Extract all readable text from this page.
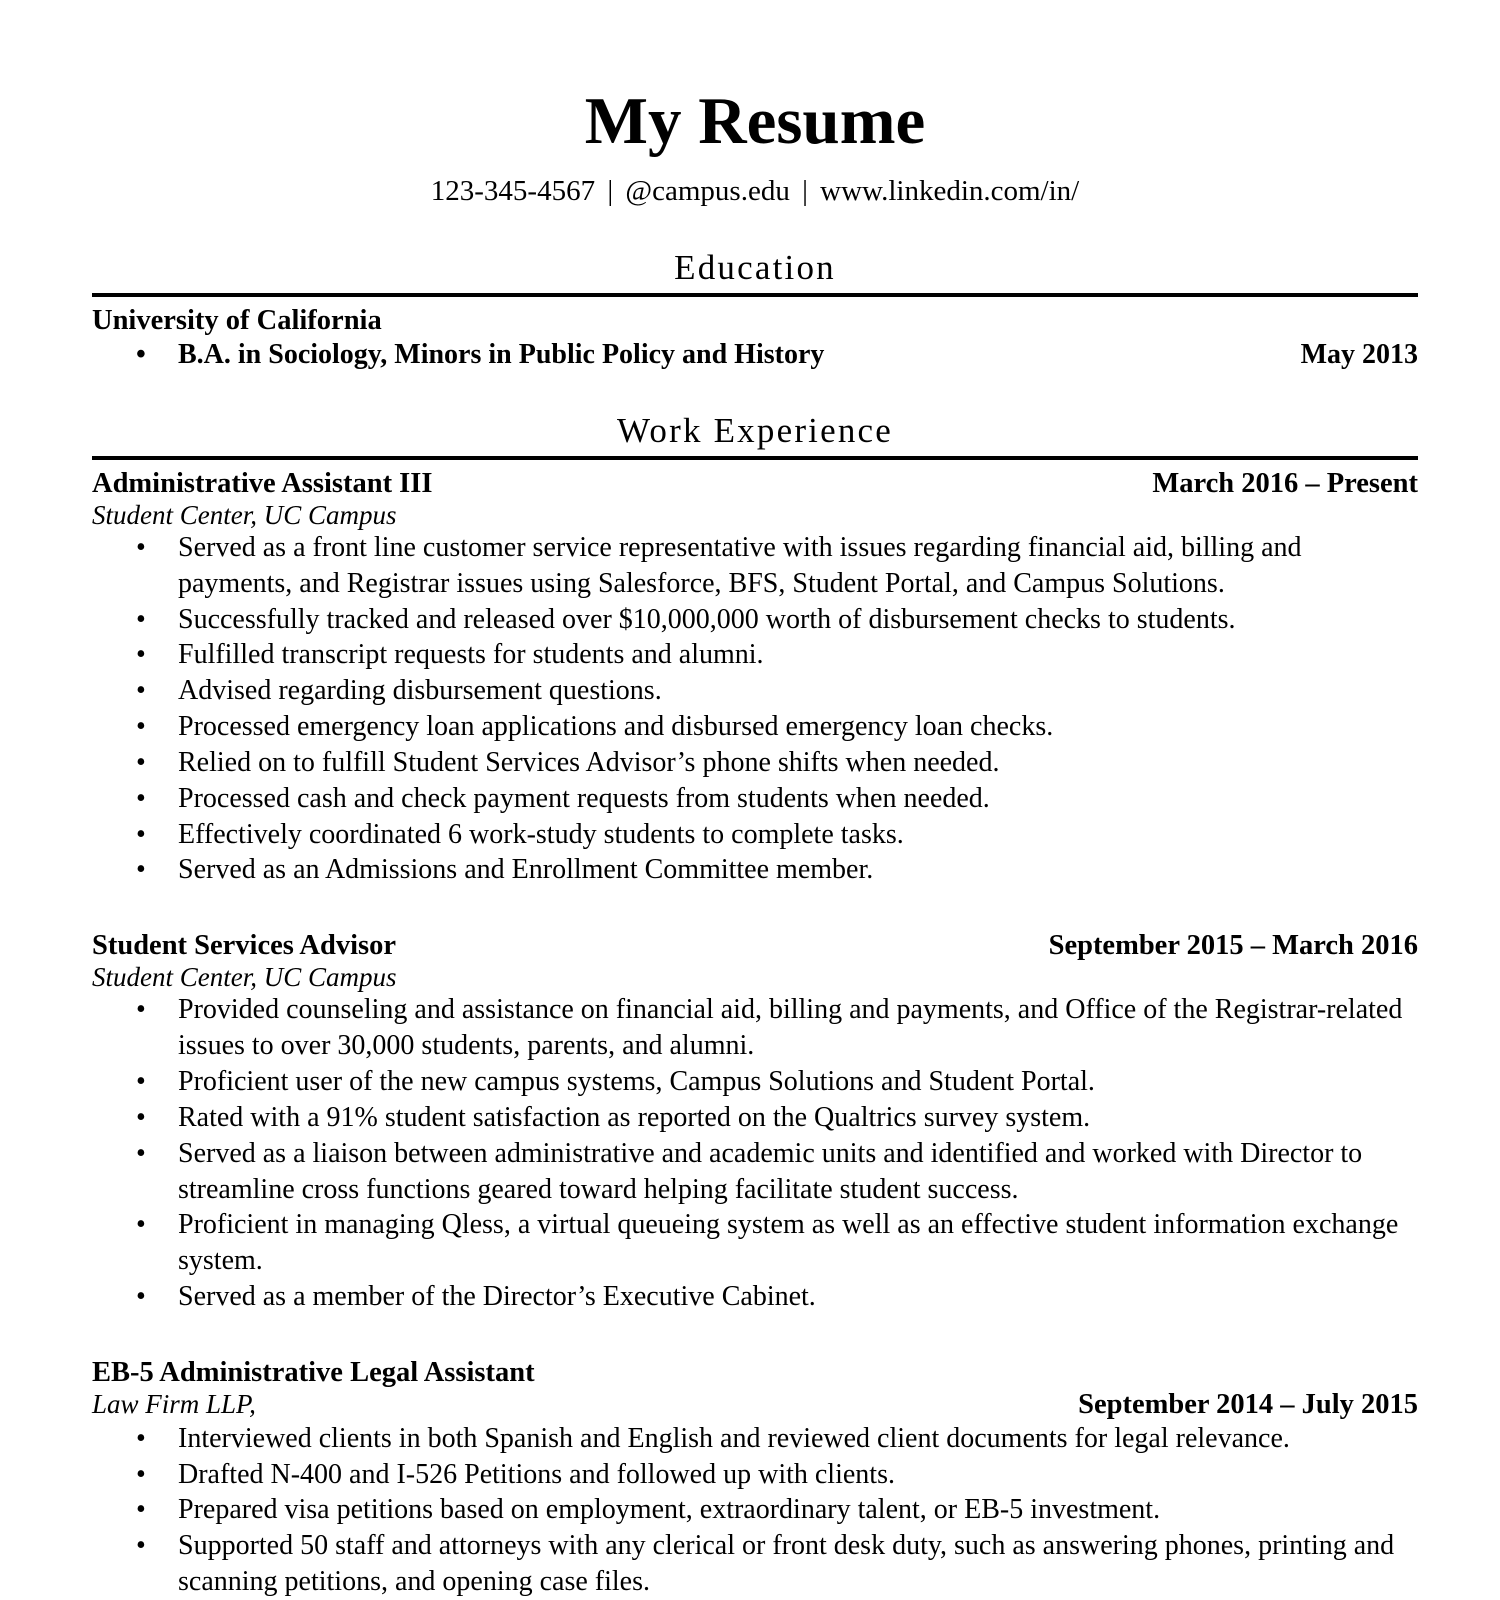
My Resume
123-345-4567 | @campus.edu | www.linkedin.com/in/
Education
University of California
• B.A. in Sociology, Minors in Public Policy and History	May 2013
Work Experience
Administrative Assistant III	March 2016 – Present
Student Center, UC Campus
• Served as a front line customer service representative with issues regarding financial aid, billing and payments, and Registrar issues using Salesforce, BFS, Student Portal, and Campus Solutions.
• Successfully tracked and released over $10,000,000 worth of disbursement checks to students.
• Fulfilled transcript requests for students and alumni.
• Advised regarding disbursement questions.
• Processed emergency loan applications and disbursed emergency loan checks.
• Relied on to fulfill Student Services Advisor’s phone shifts when needed.
• Processed cash and check payment requests from students when needed.
• Effectively coordinated 6 work-study students to complete tasks.
• Served as an Admissions and Enrollment Committee member.
Student Services Advisor	September 2015 – March 2016
Student Center, UC Campus
• Provided counseling and assistance on financial aid, billing and payments, and Office of the Registrar-related issues to over 30,000 students, parents, and alumni.
• Proficient user of the new campus systems, Campus Solutions and Student Portal.
• Rated with a 91% student satisfaction as reported on the Qualtrics survey system.
• Served as a liaison between administrative and academic units and identified and worked with Director to streamline cross functions geared toward helping facilitate student success.
• Proficient in managing Qless, a virtual queueing system as well as an effective student information exchange system.
• Served as a member of the Director’s Executive Cabinet.
EB-5 Administrative Legal Assistant
Law Firm LLP,	September 2014 – July 2015
• Interviewed clients in both Spanish and English and reviewed client documents for legal relevance.
• Drafted N-400 and I-526 Petitions and followed up with clients.
• Prepared visa petitions based on employment, extraordinary talent, or EB-5 investment.
• Supported 50 staff and attorneys with any clerical or front desk duty, such as answering phones, printing and scanning petitions, and opening case files.
